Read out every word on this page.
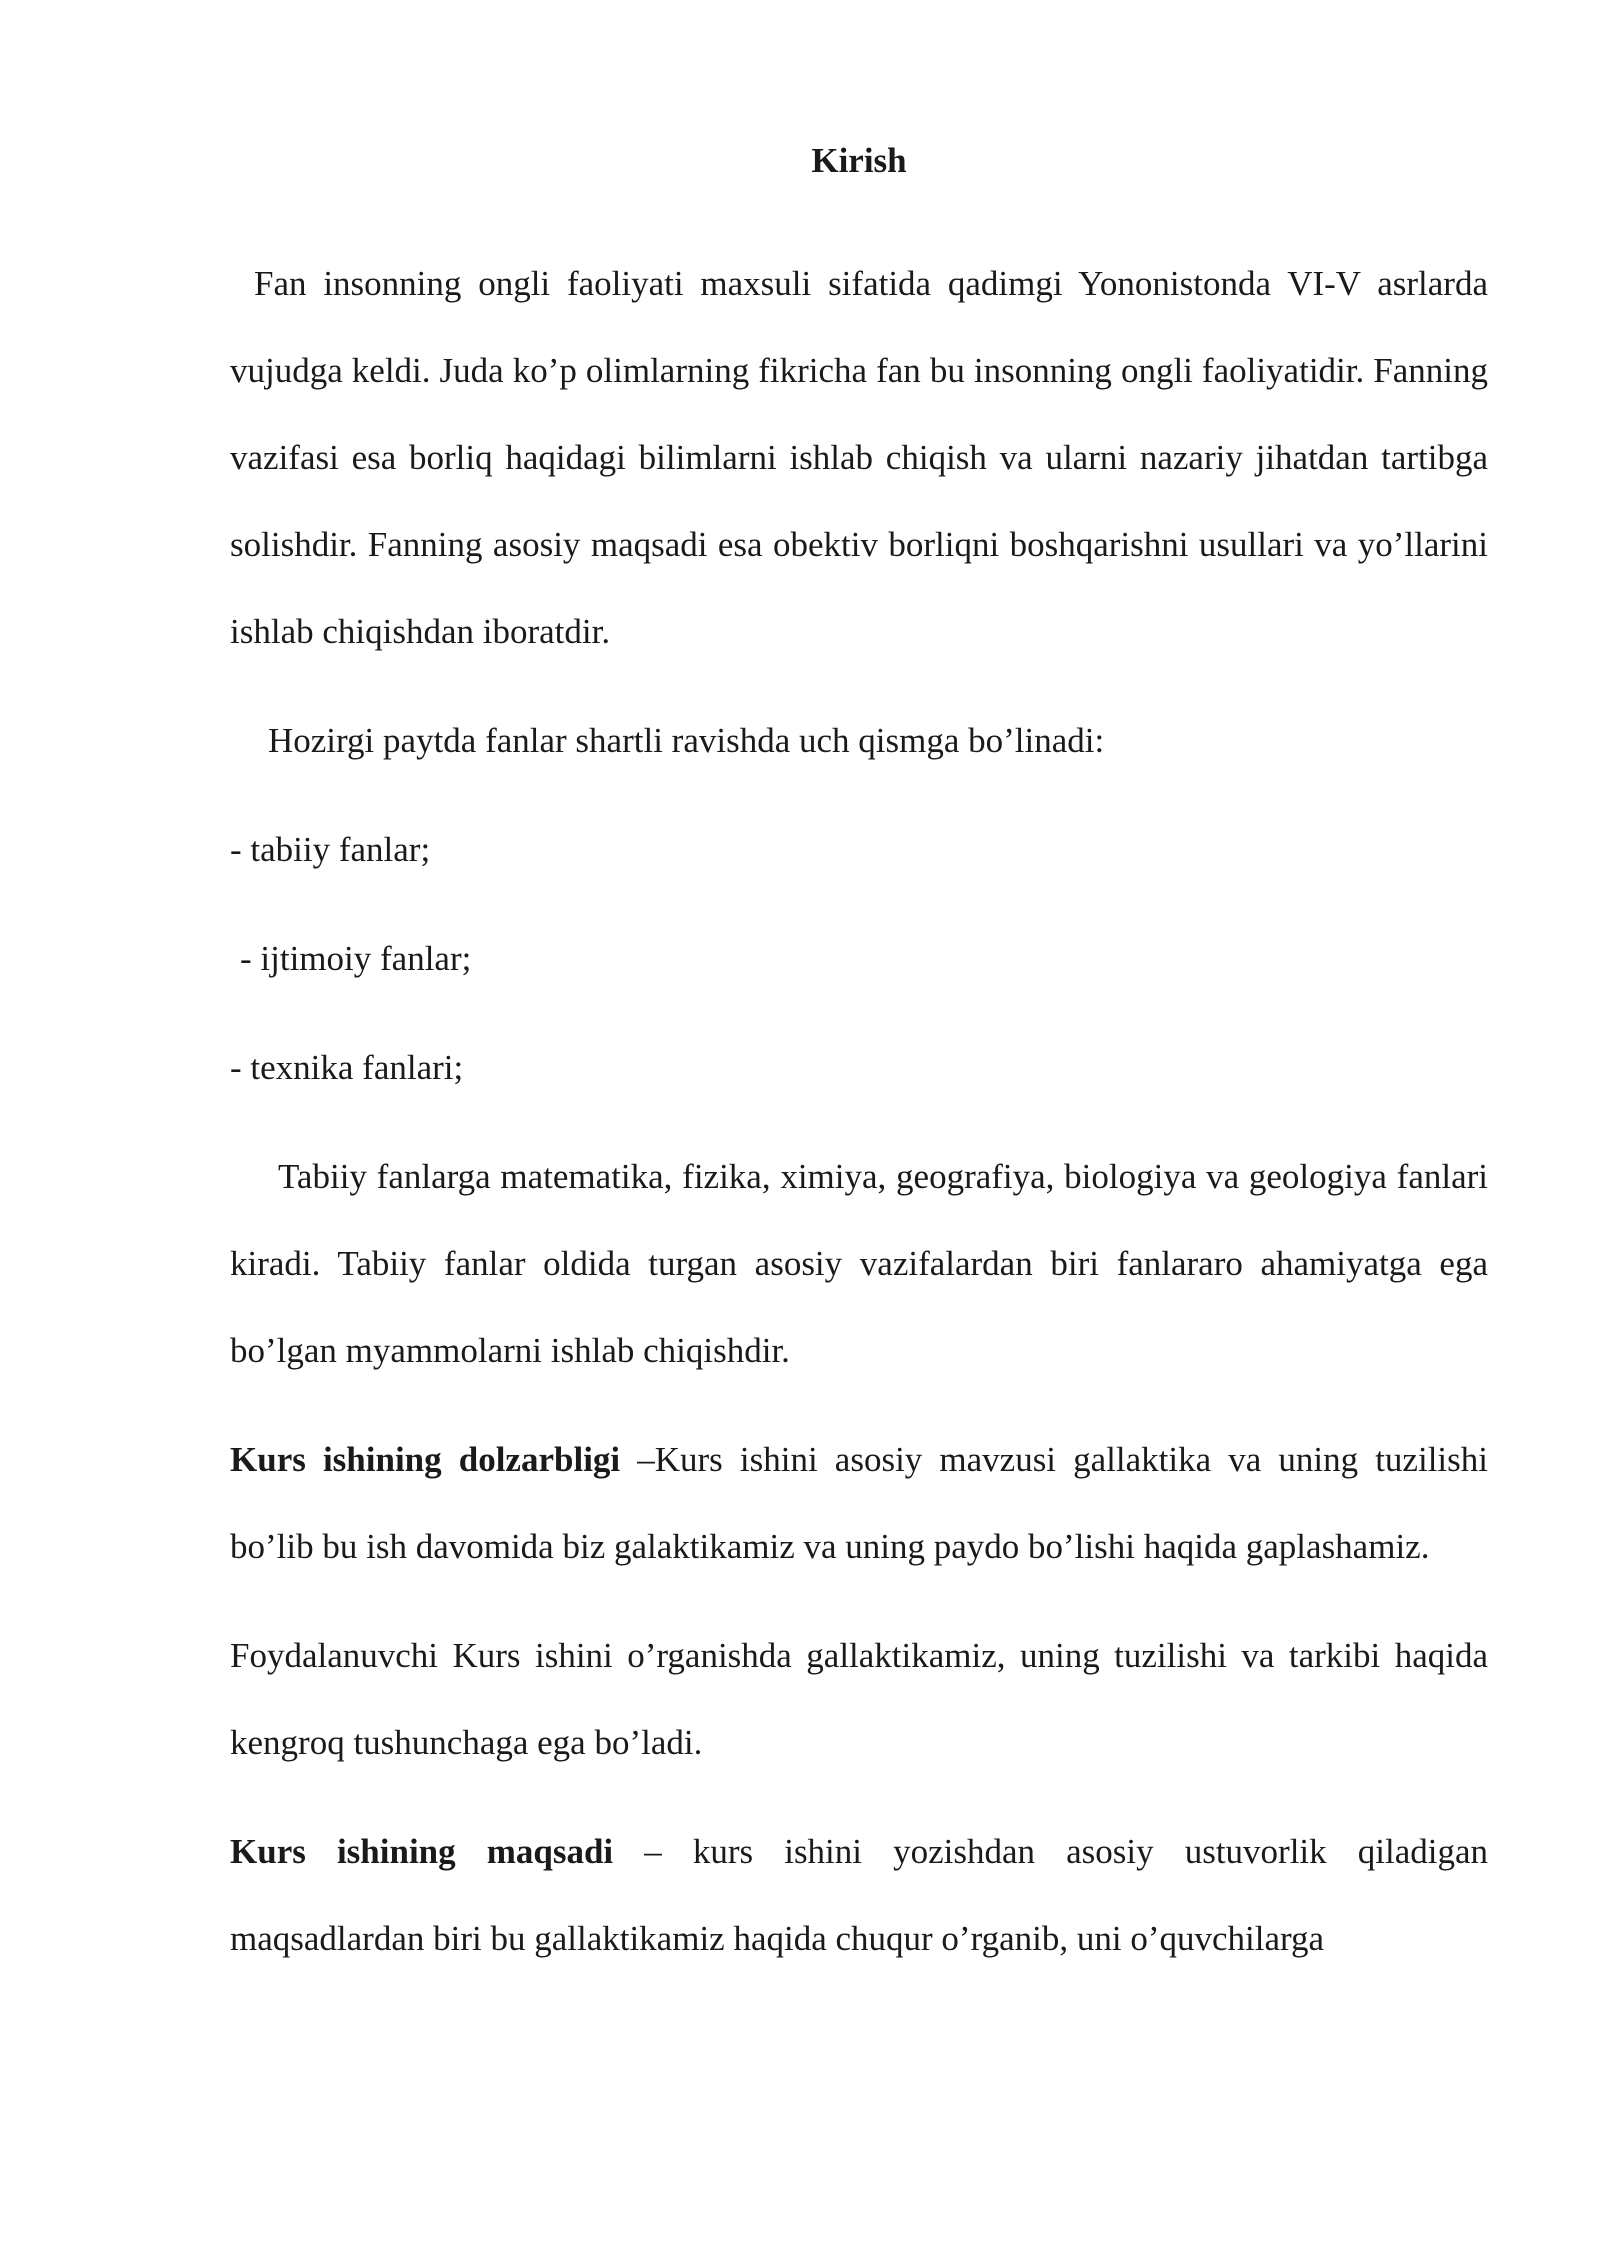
Kirish

Fan insonning ongli faoliyati maxsuli sifatida qadimgi Yononistonda VI-V asrlarda vujudga keldi. Juda ko’p olimlarning fikricha fan bu insonning ongli faoliyatidir. Fanning vazifasi esa borliq haqidagi bilimlarni ishlab chiqish va ularni nazariy jihatdan tartibga solishdir. Fanning asosiy maqsadi esa obektiv borliqni boshqarishni usullari va yo’llarini ishlab chiqishdan iboratdir.

Hozirgi paytda fanlar shartli ravishda uch qismga bo’linadi:

- tabiiy fanlar;

- ijtimoiy fanlar;

- texnika fanlari;

Tabiiy fanlarga matematika, fizika, ximiya, geografiya, biologiya va geologiya fanlari kiradi. Tabiiy fanlar oldida turgan asosiy vazifalardan biri fanlararo ahamiyatga ega bo’lgan myammolarni ishlab chiqishdir.

Kurs ishining dolzarbligi –Kurs ishini asosiy mavzusi gallaktika va uning tuzilishi bo’lib bu ish davomida biz galaktikamiz va uning paydo bo’lishi haqida gaplashamiz.

Foydalanuvchi Kurs ishini o’rganishda gallaktikamiz, uning tuzilishi va tarkibi haqida kengroq tushunchaga ega bo’ladi.

Kurs ishining maqsadi – kurs ishini yozishdan asosiy ustuvorlik qiladigan maqsadlardan biri bu gallaktikamiz haqida chuqur o’rganib, uni o’quvchilarga
